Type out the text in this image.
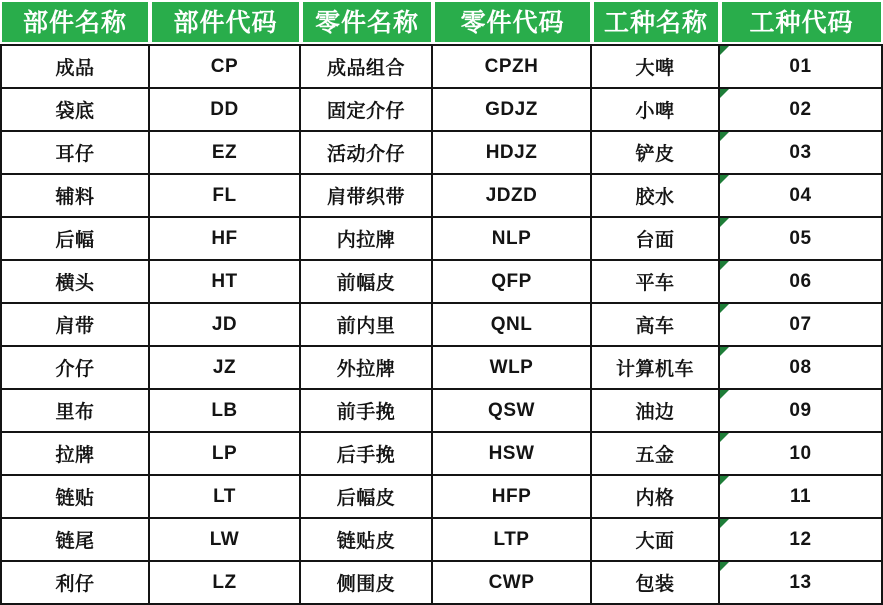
部件名称	部件代码	零件名称	零件代码	工种名称	工种代码
成品	CP	成品组合	CPZH	大啤	01
袋底	DD	固定介仔	GDJZ	小啤	02
耳仔	EZ	活动介仔	HDJZ	铲皮	03
辅料	FL	肩带织带	JDZD	胶水	04
后幅	HF	内拉牌	NLP	台面	05
横头	HT	前幅皮	QFP	平车	06
肩带	JD	前内里	QNL	高车	07
介仔	JZ	外拉牌	WLP	计算机车	08
里布	LB	前手挽	QSW	油边	09
拉牌	LP	后手挽	HSW	五金	10
链贴	LT	后幅皮	HFP	内格	11
链尾	LW	链贴皮	LTP	大面	12
利仔	LZ	侧围皮	CWP	包装	13
